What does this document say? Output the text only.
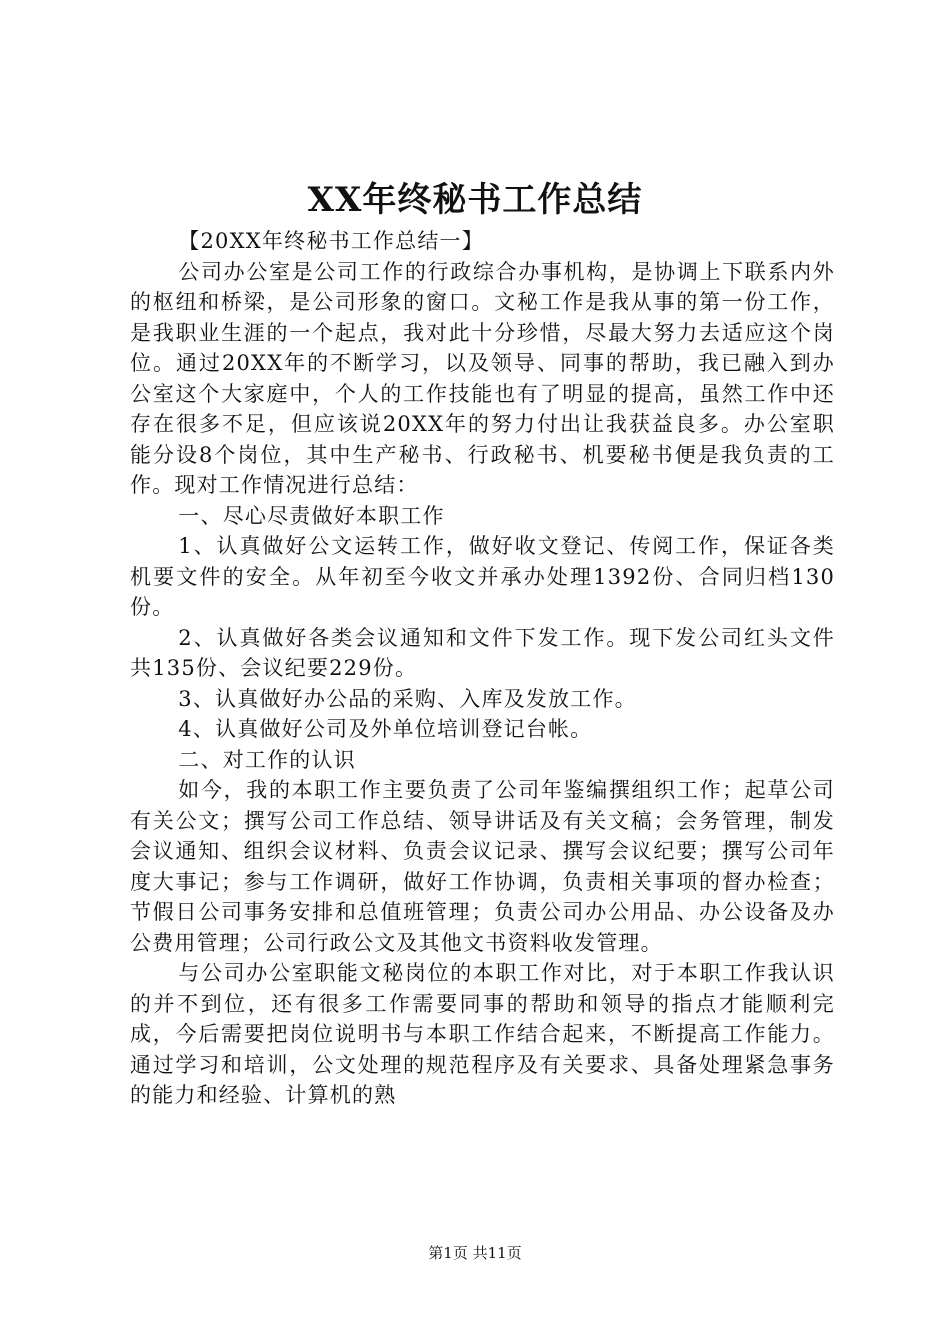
XX年终秘书工作总结

【20XX年终秘书工作总结一】

公司办公室是公司工作的行政综合办事机构，是协调上下联系内外的枢纽和桥梁，是公司形象的窗口。文秘工作是我从事的第一份工作，是我职业生涯的一个起点，我对此十分珍惜，尽最大努力去适应这个岗位。通过20XX年的不断学习，以及领导、同事的帮助，我已融入到办公室这个大家庭中，个人的工作技能也有了明显的提高，虽然工作中还存在很多不足，但应该说20XX年的努力付出让我获益良多。办公室职能分设8个岗位，其中生产秘书、行政秘书、机要秘书便是我负责的工作。现对工作情况进行总结：

一、尽心尽责做好本职工作

1、认真做好公文运转工作，做好收文登记、传阅工作，保证各类机要文件的安全。从年初至今收文并承办处理1392份、合同归档130份。

2、认真做好各类会议通知和文件下发工作。现下发公司红头文件共135份、会议纪要229份。

3、认真做好办公品的采购、入库及发放工作。

4、认真做好公司及外单位培训登记台帐。

二、对工作的认识

如今，我的本职工作主要负责了公司年鉴编撰组织工作；起草公司有关公文；撰写公司工作总结、领导讲话及有关文稿；会务管理，制发会议通知、组织会议材料、负责会议记录、撰写会议纪要；撰写公司年度大事记；参与工作调研，做好工作协调，负责相关事项的督办检查；节假日公司事务安排和总值班管理；负责公司办公用品、办公设备及办公费用管理；公司行政公文及其他文书资料收发管理。

与公司办公室职能文秘岗位的本职工作对比，对于本职工作我认识的并不到位，还有很多工作需要同事的帮助和领导的指点才能顺利完成，今后需要把岗位说明书与本职工作结合起来，不断提高工作能力。通过学习和培训，公文处理的规范程序及有关要求、具备处理紧急事务的能力和经验、计算机的熟

第1页 共11页
